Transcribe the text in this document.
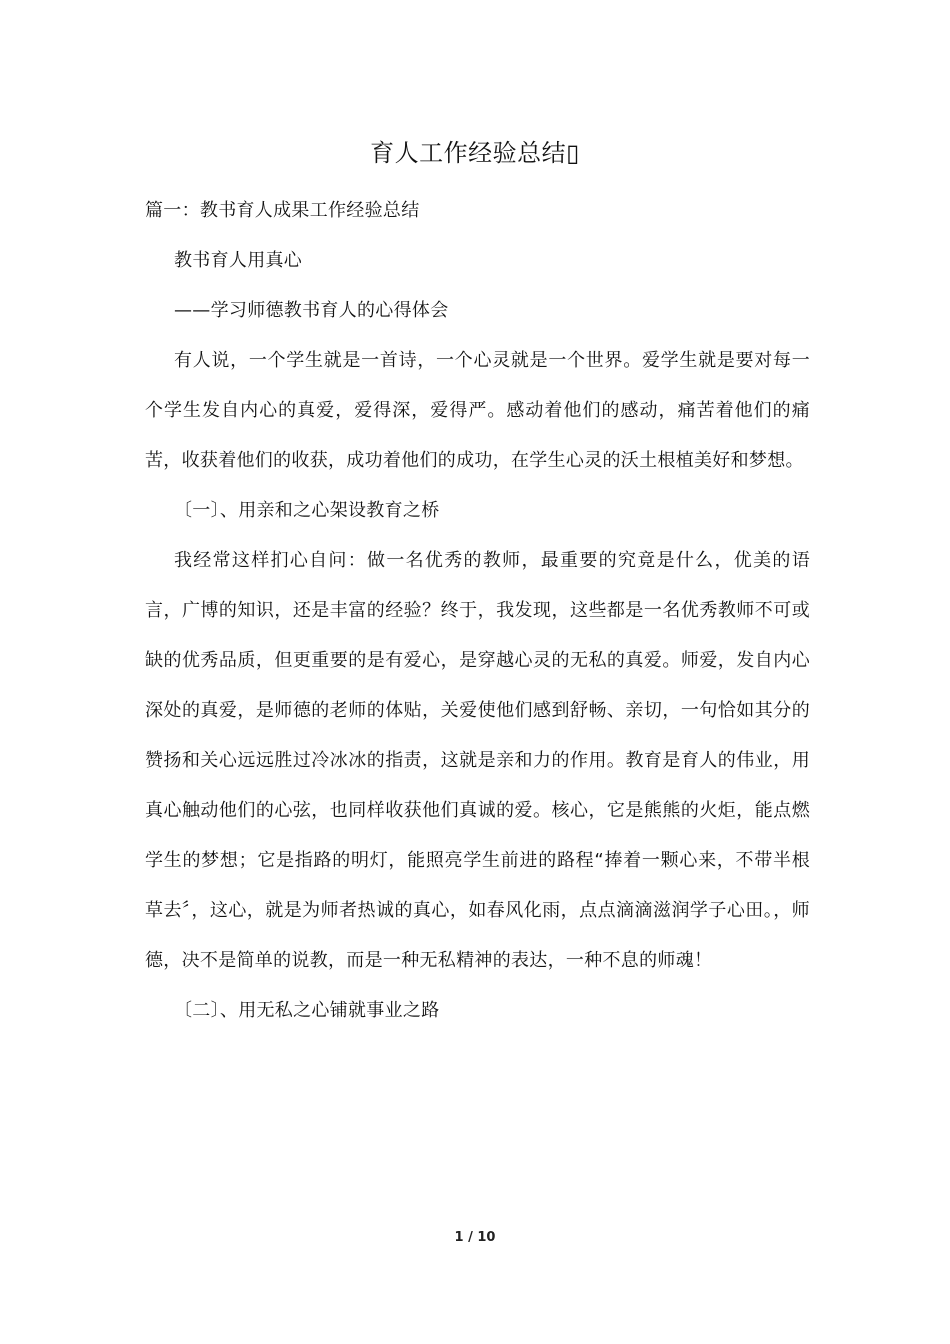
育人工作经验总结▯
篇一：教书育人成果工作经验总结
教书育人用真心
——学习师德教书育人的心得体会

有人说，一个学生就是一首诗，一个心灵就是一个世界。爱学生就是要对每一个学生发自内心的真爱，爱得深，爱得严。感动着他们的感动，痛苦着他们的痛苦，收获着他们的收获，成功着他们的成功，在学生心灵的沃土根植美好和梦想。

〔一〕、用亲和之心架设教育之桥

我经常这样扪心自问：做一名优秀的教师，最重要的究竟是什么，优美的语言，广博的知识，还是丰富的经验？终于，我发现，这些都是一名优秀教师不可或缺的优秀品质，但更重要的是有爱心，是穿越心灵的无私的真爱。师爱，发自内心深处的真爱，是师德的老师的体贴，关爱使他们感到舒畅、亲切，一句恰如其分的赞扬和关心远远胜过冷冰冰的指责，这就是亲和力的作用。教育是育人的伟业，用真心触动他们的心弦，也同样收获他们真诚的爱。核心，它是熊熊的火炬，能点燃学生的梦想；它是指路的明灯，能照亮学生前进的路程“捧着一颗心来，不带半根草去〞，这心，就是为师者热诚的真心，如春风化雨，点点滴滴滋润学子心田。，师德，决不是简单的说教，而是一种无私精神的表达，一种不息的师魂！

〔二〕、用无私之心铺就事业之路
1 / 10
